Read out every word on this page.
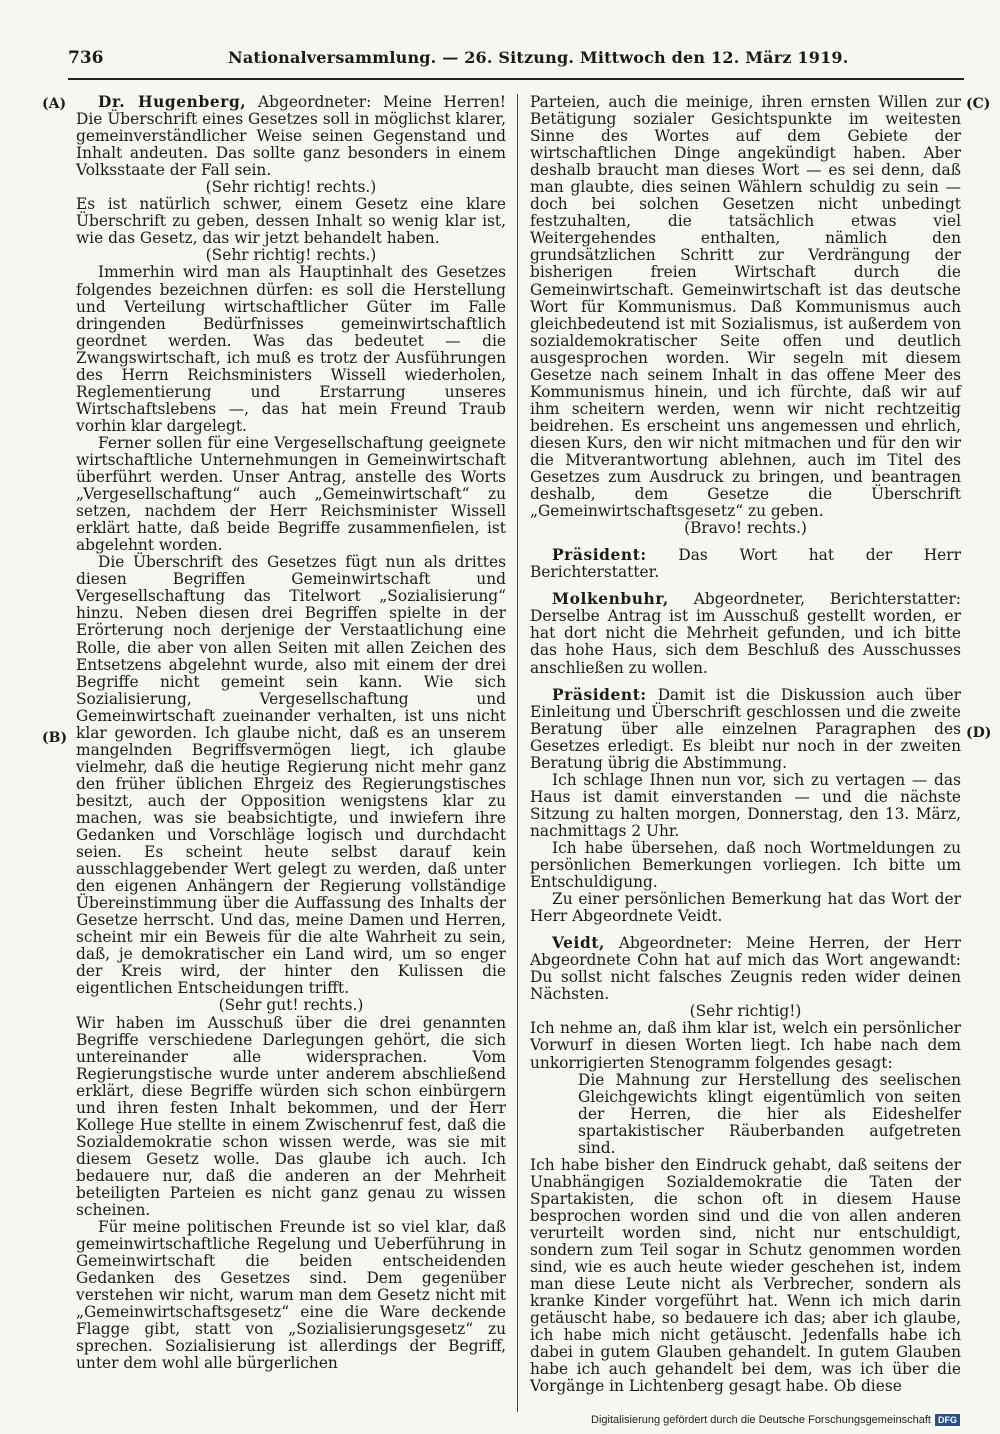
736	Nationalversammlung. — 26. Sitzung. Mittwoch den 12. März 1919.
(A)
(B)
(C)
(D)

Dr. Hugenberg, Abgeordneter: Meine Herren! Die Überschrift eines Gesetzes soll in möglichst klarer, gemeinverständlicher Weise seinen Gegenstand und Inhalt andeuten. Das sollte ganz besonders in einem Volksstaate der Fall sein.

(Sehr richtig! rechts.)

Es ist natürlich schwer, einem Gesetz eine klare Überschrift zu geben, dessen Inhalt so wenig klar ist, wie das Gesetz, das wir jetzt behandelt haben.

(Sehr richtig! rechts.)

Immerhin wird man als Hauptinhalt des Gesetzes folgendes bezeichnen dürfen: es soll die Herstellung und Verteilung wirtschaftlicher Güter im Falle dringenden Bedürfnisses gemeinwirtschaftlich geordnet werden. Was das bedeutet — die Zwangswirtschaft, ich muß es trotz der Ausführungen des Herrn Reichsministers Wissell wiederholen, Reglementierung und Erstarrung unseres Wirtschaftslebens —, das hat mein Freund Traub vorhin klar dargelegt.

Ferner sollen für eine Vergesellschaftung geeignete wirtschaftliche Unternehmungen in Gemeinwirtschaft überführt werden. Unser Antrag, anstelle des Worts „Vergesellschaftung“ auch „Gemeinwirtschaft“ zu setzen, nachdem der Herr Reichsminister Wissell erklärt hatte, daß beide Begriffe zusammenfielen, ist abgelehnt worden.

Die Überschrift des Gesetzes fügt nun als drittes diesen Begriffen Gemeinwirtschaft und Vergesellschaftung das Titelwort „Sozialisierung“ hinzu. Neben diesen drei Begriffen spielte in der Erörterung noch derjenige der Verstaatlichung eine Rolle, die aber von allen Seiten mit allen Zeichen des Entsetzens abgelehnt wurde, also mit einem der drei Begriffe nicht gemeint sein kann. Wie sich Sozialisierung, Vergesellschaftung und Gemeinwirtschaft zueinander verhalten, ist uns nicht klar geworden. Ich glaube nicht, daß es an unserem mangelnden Begriffsvermögen liegt, ich glaube vielmehr, daß die heutige Regierung nicht mehr ganz den früher üblichen Ehrgeiz des Regierungstisches besitzt, auch der Opposition wenigstens klar zu machen, was sie beabsichtigte, und inwiefern ihre Gedanken und Vorschläge logisch und durchdacht seien. Es scheint heute selbst darauf kein ausschlaggebender Wert gelegt zu werden, daß unter den eigenen Anhängern der Regierung vollständige Übereinstimmung über die Auffassung des Inhalts der Gesetze herrscht. Und das, meine Damen und Herren, scheint mir ein Beweis für die alte Wahrheit zu sein, daß, je demokratischer ein Land wird, um so enger der Kreis wird, der hinter den Kulissen die eigentlichen Entscheidungen trifft.

(Sehr gut! rechts.)

Wir haben im Ausschuß über die drei genannten Begriffe verschiedene Darlegungen gehört, die sich untereinander alle widersprachen. Vom Regierungstische wurde unter anderem abschließend erklärt, diese Begriffe würden sich schon einbürgern und ihren festen Inhalt bekommen, und der Herr Kollege Hue stellte in einem Zwischenruf fest, daß die Sozialdemokratie schon wissen werde, was sie mit diesem Gesetz wolle. Das glaube ich auch. Ich bedauere nur, daß die anderen an der Mehrheit beteiligten Parteien es nicht ganz genau zu wissen scheinen.

Für meine politischen Freunde ist so viel klar, daß gemeinwirtschaftliche Regelung und Ueberführung in Gemeinwirtschaft die beiden entscheidenden Gedanken des Gesetzes sind. Dem gegenüber verstehen wir nicht, warum man dem Gesetz nicht mit „Gemeinwirtschaftsgesetz“ eine die Ware deckende Flagge gibt, statt von „Sozialisierungsgesetz“ zu sprechen. Sozialisierung ist allerdings der Begriff, unter dem wohl alle bürgerlichen

Parteien, auch die meinige, ihren ernsten Willen zur Betätigung sozialer Gesichtspunkte im weitesten Sinne des Wortes auf dem Gebiete der wirtschaftlichen Dinge angekündigt haben. Aber deshalb braucht man dieses Wort — es sei denn, daß man glaubte, dies seinen Wählern schuldig zu sein — doch bei solchen Gesetzen nicht unbedingt festzuhalten, die tatsächlich etwas viel Weitergehendes enthalten, nämlich den grundsätzlichen Schritt zur Verdrängung der bisherigen freien Wirtschaft durch die Gemeinwirtschaft. Gemeinwirtschaft ist das deutsche Wort für Kommunismus. Daß Kommunismus auch gleichbedeutend ist mit Sozialismus, ist außerdem von sozialdemokratischer Seite offen und deutlich ausgesprochen worden. Wir segeln mit diesem Gesetze nach seinem Inhalt in das offene Meer des Kommunismus hinein, und ich fürchte, daß wir auf ihm scheitern werden, wenn wir nicht rechtzeitig beidrehen. Es erscheint uns angemessen und ehrlich, diesen Kurs, den wir nicht mitmachen und für den wir die Mitverantwortung ablehnen, auch im Titel des Gesetzes zum Ausdruck zu bringen, und beantragen deshalb, dem Gesetze die Überschrift „Gemeinwirtschaftsgesetz“ zu geben.

(Bravo! rechts.)

Präsident: Das Wort hat der Herr Berichterstatter.

Molkenbuhr, Abgeordneter, Berichterstatter: Derselbe Antrag ist im Ausschuß gestellt worden, er hat dort nicht die Mehrheit gefunden, und ich bitte das hohe Haus, sich dem Beschluß des Ausschusses anschließen zu wollen.

Präsident: Damit ist die Diskussion auch über Einleitung und Überschrift geschlossen und die zweite Beratung über alle einzelnen Paragraphen des Gesetzes erledigt. Es bleibt nur noch in der zweiten Beratung übrig die Abstimmung.

Ich schlage Ihnen nun vor, sich zu vertagen — das Haus ist damit einverstanden — und die nächste Sitzung zu halten morgen, Donnerstag, den 13. März, nachmittags 2 Uhr.

Ich habe übersehen, daß noch Wortmeldungen zu persönlichen Bemerkungen vorliegen. Ich bitte um Entschuldigung.

Zu einer persönlichen Bemerkung hat das Wort der Herr Abgeordnete Veidt.

Veidt, Abgeordneter: Meine Herren, der Herr Abgeordnete Cohn hat auf mich das Wort angewandt: Du sollst nicht falsches Zeugnis reden wider deinen Nächsten.

(Sehr richtig!)

Ich nehme an, daß ihm klar ist, welch ein persönlicher Vorwurf in diesen Worten liegt. Ich habe nach dem unkorrigierten Stenogramm folgendes gesagt:

Die Mahnung zur Herstellung des seelischen Gleichgewichts klingt eigentümlich von seiten der Herren, die hier als Eideshelfer spartakistischer Räuberbanden aufgetreten sind.

Ich habe bisher den Eindruck gehabt, daß seitens der Unabhängigen Sozialdemokratie die Taten der Spartakisten, die schon oft in diesem Hause besprochen worden sind und die von allen anderen verurteilt worden sind, nicht nur entschuldigt, sondern zum Teil sogar in Schutz genommen worden sind, wie es auch heute wieder geschehen ist, indem man diese Leute nicht als Verbrecher, sondern als kranke Kinder vorgeführt hat. Wenn ich mich darin getäuscht habe, so bedauere ich das; aber ich glaube, ich habe mich nicht getäuscht. Jedenfalls habe ich dabei in gutem Glauben gehandelt. In gutem Glauben habe ich auch gehandelt bei dem, was ich über die Vorgänge in Lichtenberg gesagt habe. Ob diese

Digitalisierung gefördert durch die Deutsche Forschungsgemeinschaft DFG
